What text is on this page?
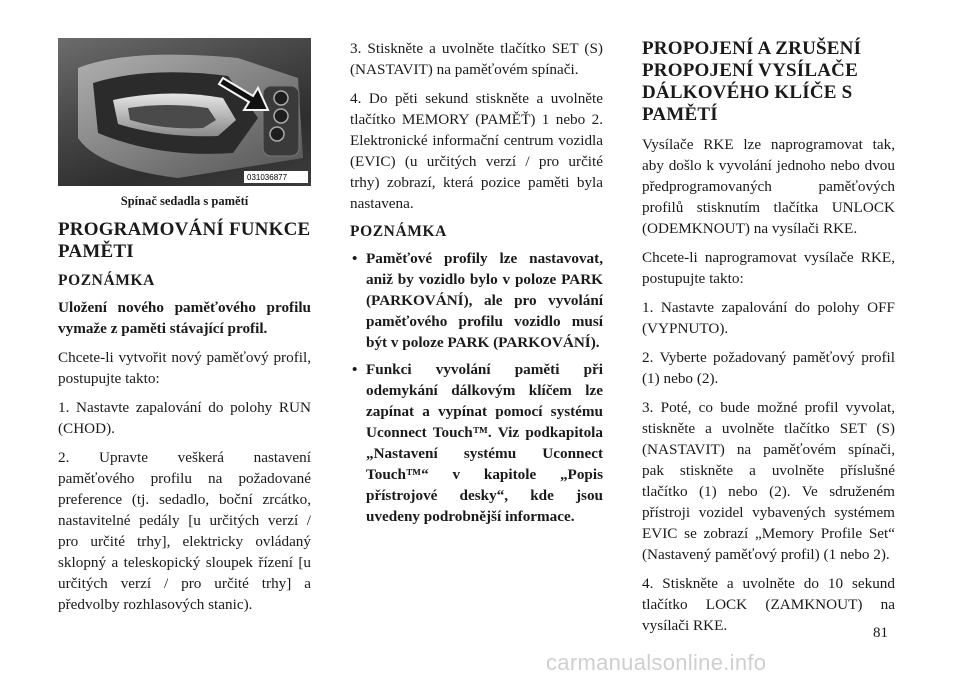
031036877
Spínač sedadla s pamětí
PROGRAMOVÁNÍ FUNKCE PAMĚTI
POZNÁMKA

Uložení nového paměťového profilu vymaže z paměti stávající profil.

Chcete-li vytvořit nový paměťový profil, postupujte takto:

1. Nastavte zapalování do polohy RUN (CHOD).

2. Upravte veškerá nastavení paměťového profilu na požadované preference (tj. sedadlo, boční zrcátko, nastavitelné pedály [u určitých verzí / pro určité trhy], elektricky ovládaný sklopný a teleskopický sloupek řízení [u určitých verzí / pro určité trhy] a předvolby rozhlasových stanic).

3. Stiskněte a uvolněte tlačítko SET (S) (NASTAVIT) na paměťovém spínači.

4. Do pěti sekund stiskněte a uvolněte tlačítko MEMORY (PAMĚŤ) 1 nebo 2. Elektronické informační centrum vozidla (EVIC) (u určitých verzí / pro určité trhy) zobrazí, která pozice paměti byla nastavena.

POZNÁMKA
• Paměťové profily lze nastavovat, aniž by vozidlo bylo v poloze PARK (PARKOVÁNÍ), ale pro vyvolání paměťového profilu vozidlo musí být v poloze PARK (PARKOVÁNÍ).
• Funkci vyvolání paměti při odemykání dálkovým klíčem lze zapínat a vypínat pomocí systému Uconnect Touch™. Viz podkapitola „Nastavení systému Uconnect Touch™“ v kapitole „Popis přístrojové desky“, kde jsou uvedeny podrobnější informace.
PROPOJENÍ A ZRUŠENÍ PROPOJENÍ VYSÍLAČE DÁLKOVÉHO KLÍČE S PAMĚTÍ

Vysílače RKE lze naprogramovat tak, aby došlo k vyvolání jednoho nebo dvou předprogramovaných paměťových profilů stisknutím tlačítka UNLOCK (ODEMKNOUT) na vysílači RKE.

Chcete-li naprogramovat vysílače RKE, postupujte takto:

1. Nastavte zapalování do polohy OFF (VYPNUTO).

2. Vyberte požadovaný paměťový profil (1) nebo (2).

3. Poté, co bude možné profil vyvolat, stiskněte a uvolněte tlačítko SET (S) (NASTAVIT) na paměťovém spínači, pak stiskněte a uvolněte příslušné tlačítko (1) nebo (2). Ve sdruženém přístroji vozidel vybavených systémem EVIC se zobrazí „Memory Profile Set“ (Nastavený paměťový profil) (1 nebo 2).

4. Stiskněte a uvolněte do 10 sekund tlačítko LOCK (ZAMKNOUT) na vysílači RKE.	81
carmanualsonline.info
